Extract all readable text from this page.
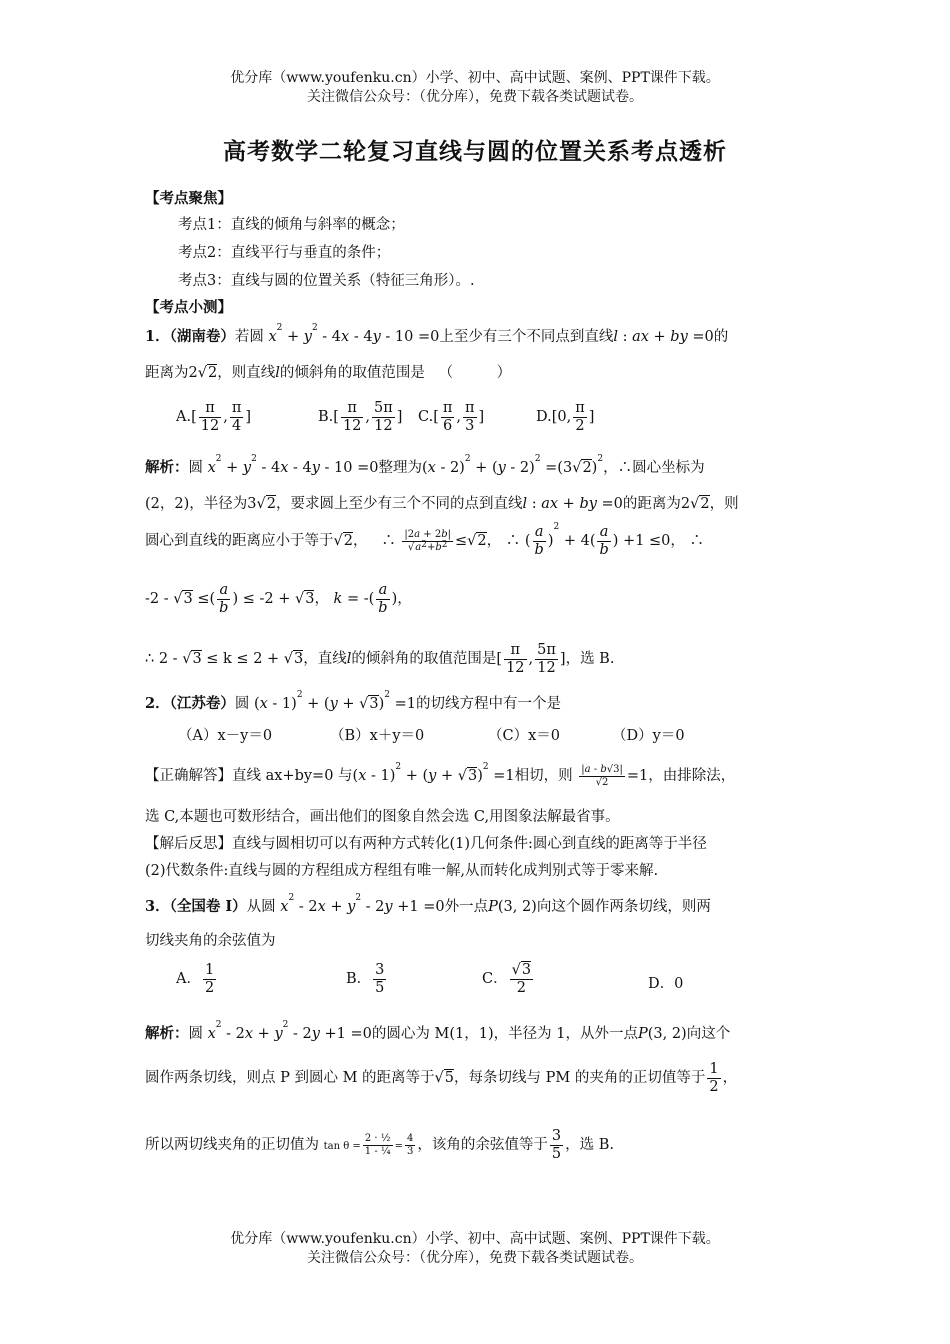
优分库（www.youfenku.cn）小学、初中、高中试题、案例、PPT课件下载。
关注微信公众号：（优分库），免费下载各类试题试卷。
高考数学二轮复习直线与圆的位置关系考点透析
【考点聚焦】
考点1：直线的倾角与斜率的概念；
考点2：直线平行与垂直的条件；
考点3：直线与圆的位置关系（特征三角形）。.
【考点小测】
1．（湖南卷）若圆 $x^2 + y^2 - 4x - 4y - 10 =0$上至少有三个不同点到直线l : ax + by =0的
距离为2√2，则直线l的倾斜角的取值范围是 （　　　）
$A.[ \frac{\pi}{12}$ , $\frac{\pi}{4}$ ]	$B.[ \frac{\pi}{12}$ , $\frac{5\pi}{12}$ ] $C.[ \frac{\pi}{6}$ , $\frac{\pi}{3}$ ]	D.[0, $\frac{\pi}{2}$ ]
解析：圆 $x^2 + y^2 - 4x - 4y - 10 =0$整理为$(x - 2)^2 + (y - 2)^2 =(3√2)^2$，∴圆心坐标为
(2，2)，半径为3√2，要求圆上至少有三个不同的点到直线l : ax + by =0的距离为2√2，则
圆心到直线的距离应小于等于√2， ∴ $\frac{|2a + 2b|}{√a^2+b^2} \le√2$， ∴ ( $\frac{a}{b} )^2 + 4( \frac{a}{b}$ ) +1 ≤0， ∴
-2 - √3 ≤( $\frac{a}{b}$ ) ≤ -2 + √3， k = -( $\frac{a}{b}$ )，
∴ 2 - √3 ≤ k ≤ 2 + √3，直线l的倾斜角的取值范围是[ $\frac{\pi}{12}$ , $\frac{5\pi}{12}$ ]，选 B.
2．（江苏卷）圆 $(x - 1)^2 + (y + √3)^2 =1$的切线方程中有一个是
（A）x－y＝0	（B）x＋y＝0	（C）x＝0	（D）y＝0
【正确解答】直线 ax+by=0 与$(x - 1)^2 + (y + √3)^2 =1$相切，则 $\frac{|a - b√3|}{√2} =1$，由排除法，
选 C,本题也可数形结合，画出他们的图象自然会选 C,用图象法解最省事。
【解后反思】直线与圆相切可以有两种方式转化(1)几何条件:圆心到直线的距离等于半径
(2)代数条件:直线与圆的方程组成方程组有唯一解,从而转化成判别式等于零来解.
3．（全国卷 I）从圆 $x^2 - 2x + y^2 - 2y +1 =0$外一点P(3, 2)向这个圆作两条切线，则两
切线夹角的余弦值为
A． $\frac{1}{2}$	B． $\frac{3}{5}$	C． $\frac{√3}{2}$	D．0
解析：圆 $x^2 - 2x + y^2 - 2y +1 =0$的圆心为 M(1，1)，半径为 1，从外一点P(3, 2)向这个
圆作两条切线，则点 P 到圆心 M 的距离等于√5，每条切线与 PM 的夹角的正切值等于 $\frac{1}{2}$ ，
所以两切线夹角的正切值为 $\tan \theta = \frac{\text{2 · ½}}{\text{1 - ¼}} = \frac{4}{3}$ ，该角的余弦值等于 $\frac{3}{5}$ ，选 B.
优分库（www.youfenku.cn）小学、初中、高中试题、案例、PPT课件下载。
关注微信公众号：（优分库），免费下载各类试题试卷。
